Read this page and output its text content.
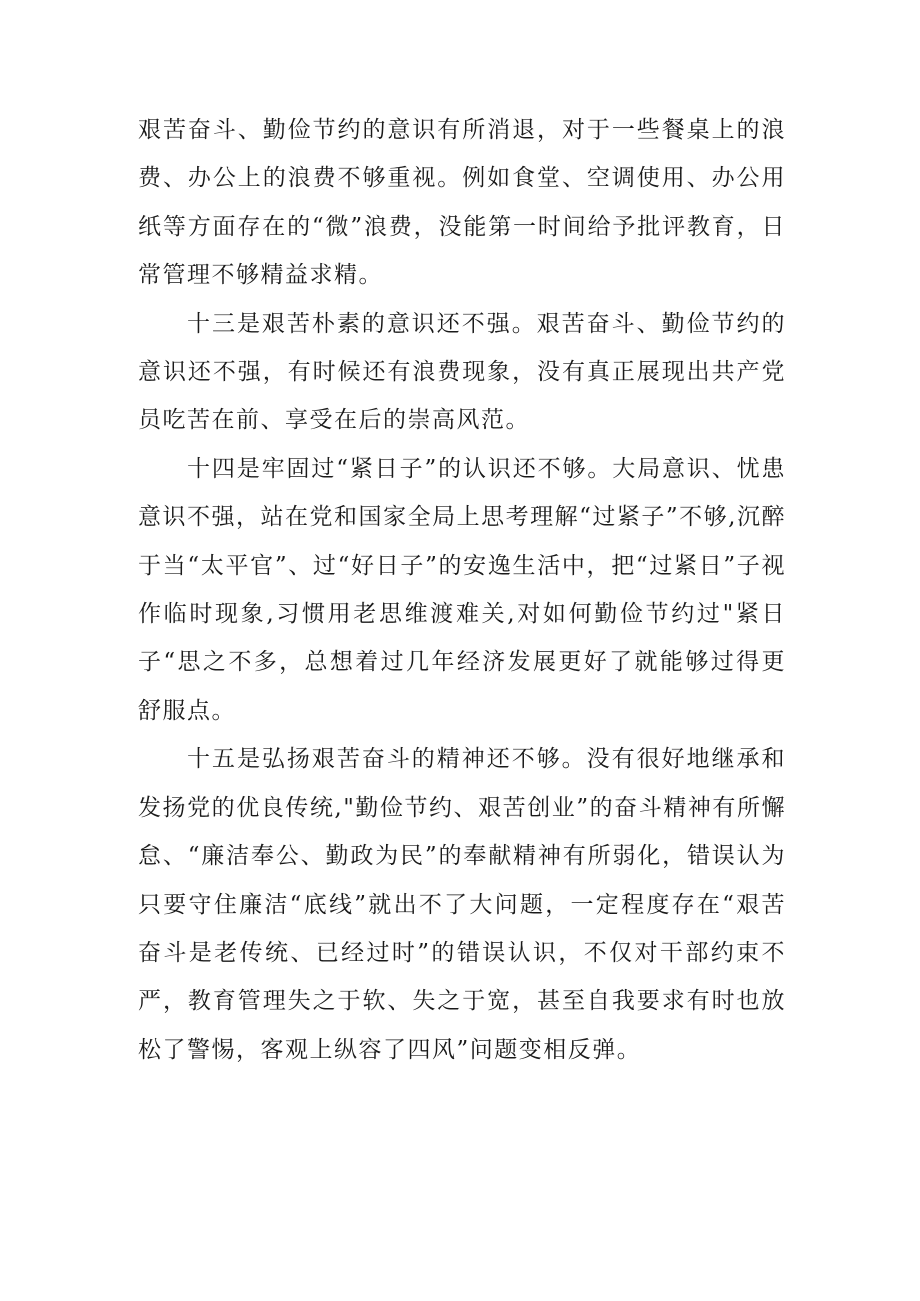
艰苦奋斗、勤俭节约的意识有所消退，对于一些餐桌上的浪费、办公上的浪费不够重视。例如食堂、空调使用、办公用纸等方面存在的“微”浪费，没能第一时间给予批评教育，日常管理不够精益求精。

十三是艰苦朴素的意识还不强。艰苦奋斗、勤俭节约的意识还不强，有时候还有浪费现象，没有真正展现出共产党员吃苦在前、享受在后的崇高风范。

十四是牢固过“紧日子”的认识还不够。大局意识、忧患意识不强，站在党和国家全局上思考理解“过紧子”不够,沉醉于当“太平官”、过“好日子”的安逸生活中，把“过紧日”子视作临时现象,习惯用老思维渡难关,对如何勤俭节约过"紧日子“思之不多，总想着过几年经济发展更好了就能够过得更舒服点。

十五是弘扬艰苦奋斗的精神还不够。没有很好地继承和发扬党的优良传统,"勤俭节约、艰苦创业”的奋斗精神有所懈怠、“廉洁奉公、勤政为民”的奉献精神有所弱化，错误认为只要守住廉洁“底线”就出不了大问题，一定程度存在“艰苦奋斗是老传统、已经过时”的错误认识，不仅对干部约束不严，教育管理失之于软、失之于宽，甚至自我要求有时也放松了警惕，客观上纵容了四风”问题变相反弹。
